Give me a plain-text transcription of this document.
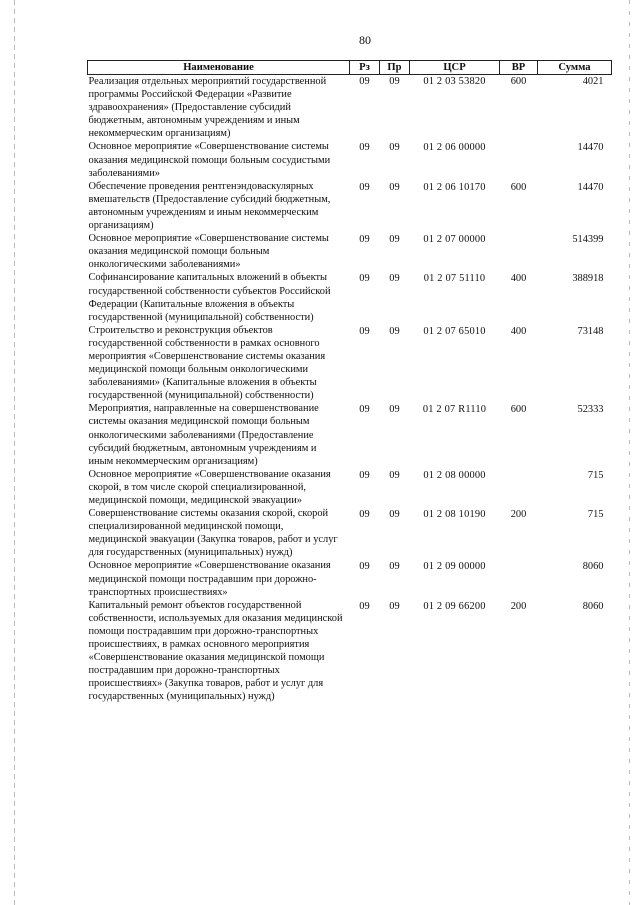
80
Наименование	Рз	Пр	ЦСР	ВР	Сумма
Реализация отдельных мероприятий государственной программы Российской Федерации «Развитие здравоохранения» (Предоставление субсидий бюджетным, автономным учреждениям и иным некоммерческим организациям)	09	09	01 2 03 53820	600	4021
Основное мероприятие «Совершенствование системы оказания медицинской помощи больным сосудистыми заболеваниями»	09	09	01 2 06 00000		14470
Обеспечение проведения рентгенэндоваскулярных вмешательств (Предоставление субсидий бюджетным, автономным учреждениям и иным некоммерческим организациям)	09	09	01 2 06 10170	600	14470
Основное мероприятие «Совершенствование системы оказания медицинской помощи больным онкологическими заболеваниями»	09	09	01 2 07 00000		514399
Софинансирование капитальных вложений в объекты государственной собственности субъектов Российской Федерации (Капитальные вложения в объекты государственной (муниципальной) собственности)	09	09	01 2 07 51110	400	388918
Строительство и реконструкция объектов государственной собственности в рамках основного мероприятия «Совершенствование системы оказания медицинской помощи больным онкологическими заболеваниями» (Капитальные вложения в объекты государственной (муниципальной) собственности)	09	09	01 2 07 65010	400	73148
Мероприятия, направленные на совершенствование системы оказания медицинской помощи больным онкологическими заболеваниями (Предоставление субсидий бюджетным, автономным учреждениям и иным некоммерческим организациям)	09	09	01 2 07 R1110	600	52333
Основное мероприятие «Совершенствование оказания скорой, в том числе скорой специализированной, медицинской помощи, медицинской эвакуации»	09	09	01 2 08 00000		715
Совершенствование системы оказания скорой, скорой специализированной медицинской помощи, медицинской эвакуации (Закупка товаров, работ и услуг для государственных (муниципальных) нужд)	09	09	01 2 08 10190	200	715
Основное мероприятие «Совершенствование оказания медицинской помощи пострадавшим при дорожно-транспортных происшествиях»	09	09	01 2 09 00000		8060
Капитальный ремонт объектов государственной собственности, используемых для оказания медицинской помощи пострадавшим при дорожно-транспортных происшествиях, в рамках основного мероприятия «Совершенствование оказания медицинской помощи пострадавшим при дорожно-транспортных происшествиях» (Закупка товаров, работ и услуг для государственных (муниципальных) нужд)	09	09	01 2 09 66200	200	8060
